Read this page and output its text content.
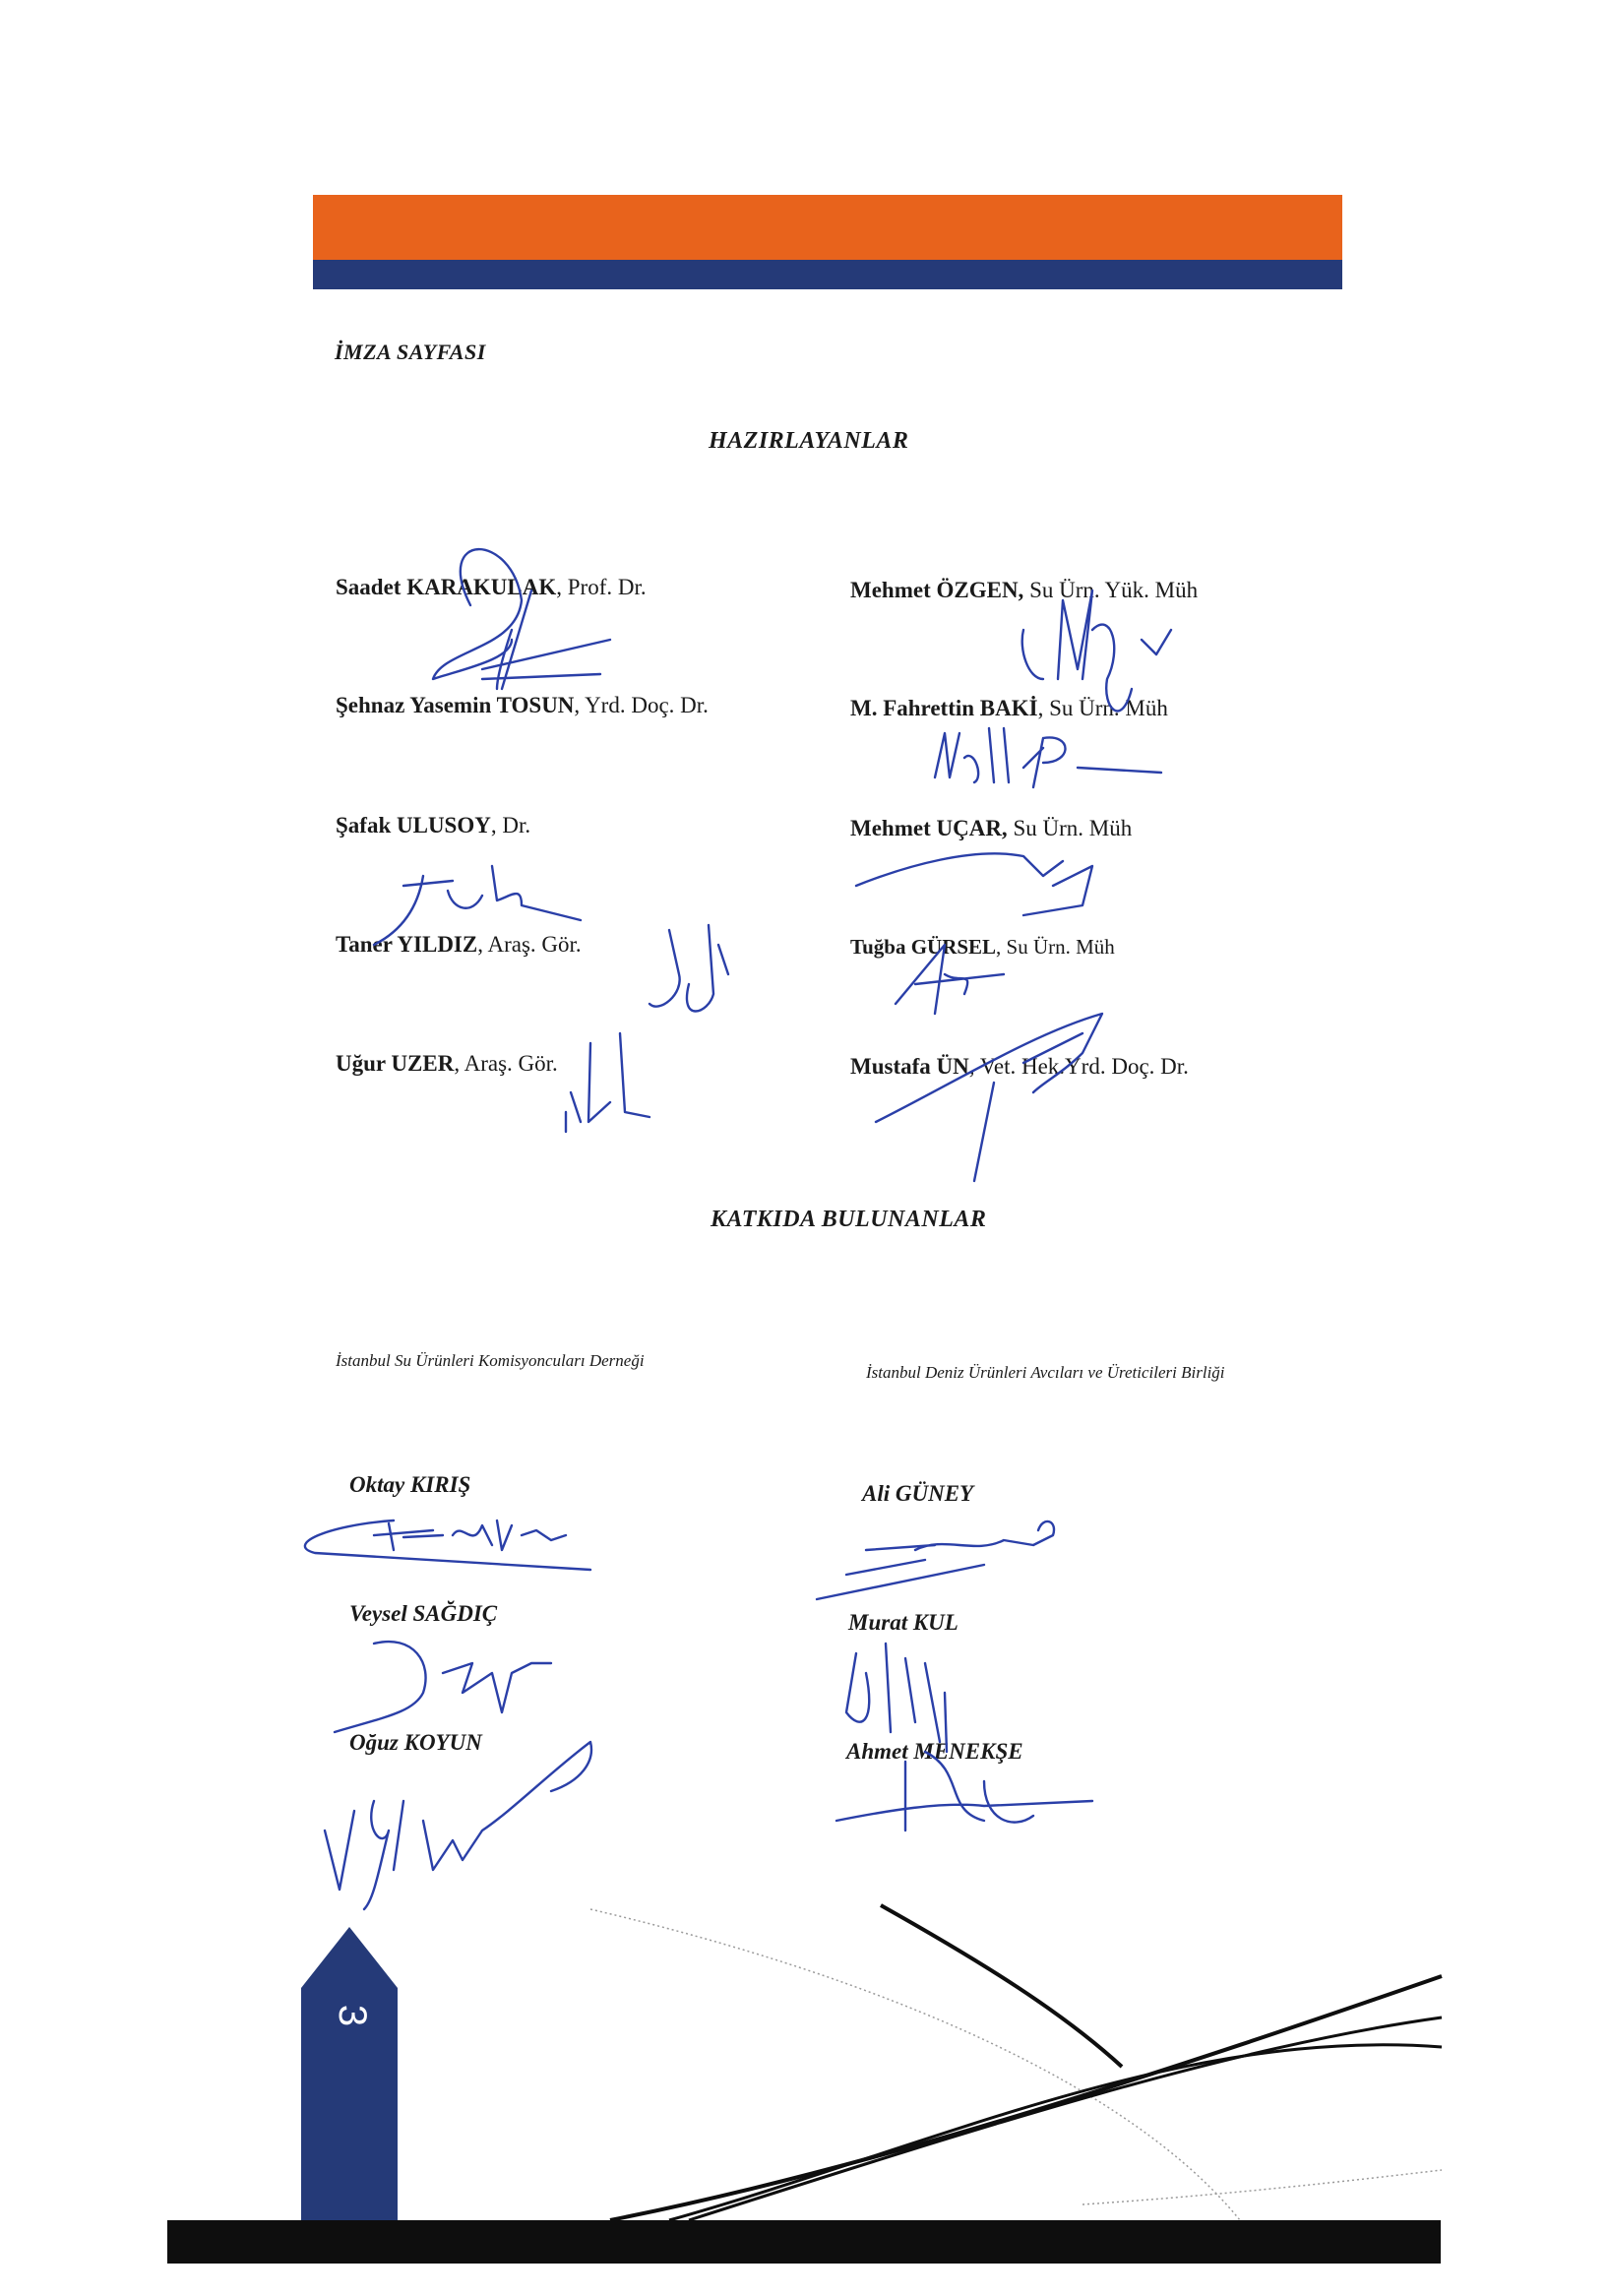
İMZA SAYFASI
HAZIRLAYANLAR
Saadet KARAKULAK, Prof. Dr.
Şehnaz Yasemin TOSUN, Yrd. Doç. Dr.
Şafak ULUSOY, Dr.
Taner YILDIZ, Araş. Gör.
Uğur UZER, Araş. Gör.
Mehmet ÖZGEN, Su Ürn. Yük. Müh
M. Fahrettin BAKİ, Su Ürn. Müh
Mehmet UÇAR, Su Ürn. Müh
Tuğba GÜRSEL, Su Ürn. Müh
Mustafa ÜN, Vet. Hek.Yrd. Doç. Dr.
KATKIDA BULUNANLAR
İstanbul Su Ürünleri Komisyoncuları Derneği
İstanbul Deniz Ürünleri Avcıları ve Üreticileri Birliği
Oktay KIRIŞ
Veysel SAĞDIÇ
Oğuz KOYUN
Ali GÜNEY
Murat KUL
Ahmet MENEKŞE
3
